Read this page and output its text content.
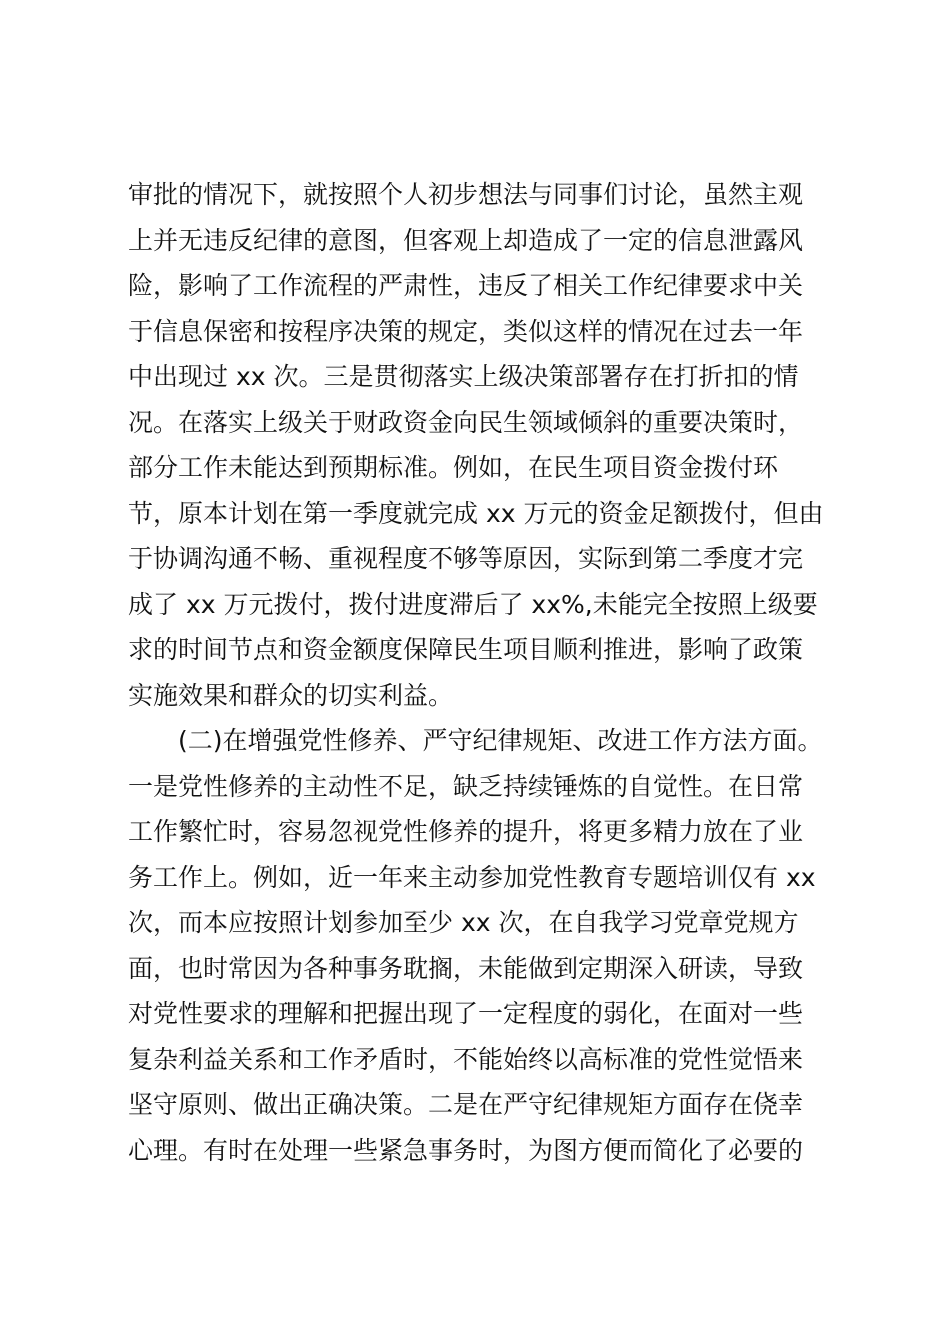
审批的情况下，就按照个人初步想法与同事们讨论，虽然主观
上并无违反纪律的意图，但客观上却造成了一定的信息泄露风
险，影响了工作流程的严肃性，违反了相关工作纪律要求中关
于信息保密和按程序决策的规定，类似这样的情况在过去一年
中出现过 xx 次。三是贯彻落实上级决策部署存在打折扣的情
况。在落实上级关于财政资金向民生领域倾斜的重要决策时，
部分工作未能达到预期标准。例如，在民生项目资金拨付环
节，原本计划在第一季度就完成 xx 万元的资金足额拨付，但由
于协调沟通不畅、重视程度不够等原因，实际到第二季度才完
成了 xx 万元拨付，拨付进度滞后了 xx%,未能完全按照上级要
求的时间节点和资金额度保障民生项目顺利推进，影响了政策
实施效果和群众的切实利益。
(二)在增强党性修养、严守纪律规矩、改进工作方法方面。
一是党性修养的主动性不足，缺乏持续锤炼的自觉性。在日常
工作繁忙时，容易忽视党性修养的提升，将更多精力放在了业
务工作上。例如，近一年来主动参加党性教育专题培训仅有 xx
次，而本应按照计划参加至少 xx 次，在自我学习党章党规方
面，也时常因为各种事务耽搁，未能做到定期深入研读，导致
对党性要求的理解和把握出现了一定程度的弱化，在面对一些
复杂利益关系和工作矛盾时，不能始终以高标准的党性觉悟来
坚守原则、做出正确决策。二是在严守纪律规矩方面存在侥幸
心理。有时在处理一些紧急事务时，为图方便而简化了必要的
